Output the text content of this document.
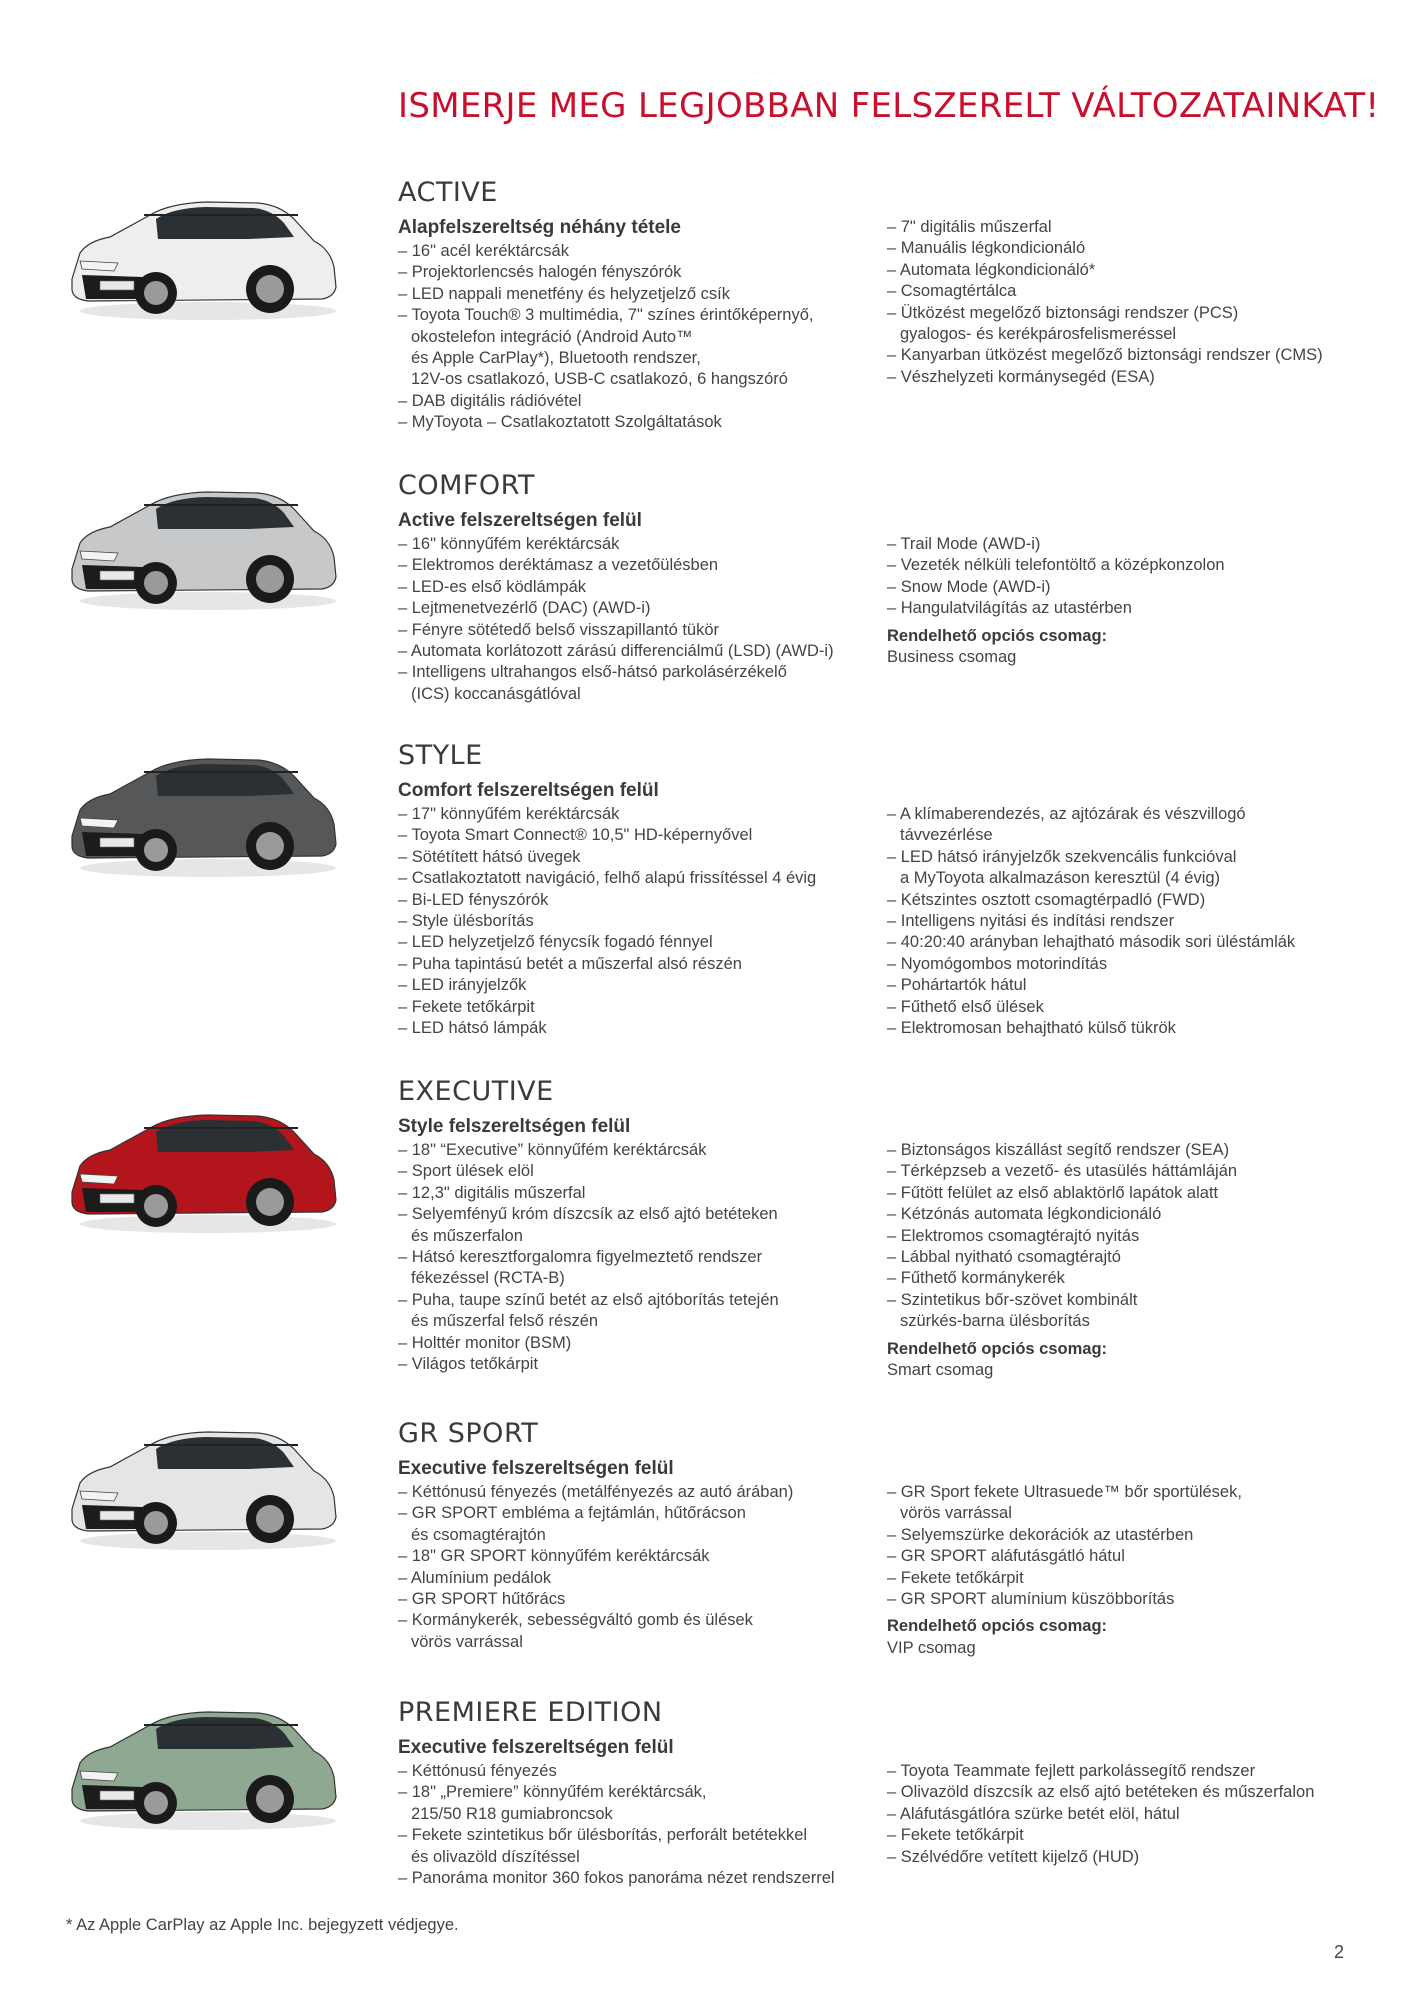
ISMERJE MEG LEGJOBBAN FELSZERELT VÁLTOZATAINKAT!
ACTIVE
Alapfelszereltség néhány tétele
– 16" acél keréktárcsák
– Projektorlencsés halogén fényszórók
– LED nappali menetfény és helyzetjelző csík
– Toyota Touch® 3 multimédia, 7" színes érintőképernyő,
okostelefon integráció (Android Auto™
és Apple CarPlay*), Bluetooth rendszer,
12V-os csatlakozó, USB-C csatlakozó, 6 hangszóró
– DAB digitális rádióvétel
– MyToyota – Csatlakoztatott Szolgáltatások
– 7" digitális műszerfal
– Manuális légkondicionáló
– Automata légkondicionáló*
– Csomagtértálca
– Ütközést megelőző biztonsági rendszer (PCS)
gyalogos- és kerékpárosfelismeréssel
– Kanyarban ütközést megelőző biztonsági rendszer (CMS)
– Vészhelyzeti kormánysegéd (ESA)
COMFORT
Active felszereltségen felül
– 16" könnyűfém keréktárcsák
– Elektromos deréktámasz a vezetőülésben
– LED-es első ködlámpák
– Lejtmenetvezérlő (DAC) (AWD-i)
– Fényre sötétedő belső visszapillantó tükör
– Automata korlátozott zárású differenciálmű (LSD) (AWD-i)
– Intelligens ultrahangos első-hátsó parkolásérzékelő
(ICS) koccanásgátlóval
– Trail Mode (AWD-i)
– Vezeték nélküli telefontöltő a középkonzolon
– Snow Mode (AWD-i)
– Hangulatvilágítás az utastérben
Rendelhető opciós csomag:
Business csomag
STYLE
Comfort felszereltségen felül
– 17" könnyűfém keréktárcsák
– Toyota Smart Connect® 10,5" HD-képernyővel
– Sötétített hátsó üvegek
– Csatlakoztatott navigáció, felhő alapú frissítéssel 4 évig
– Bi-LED fényszórók
– Style ülésborítás
– LED helyzetjelző fénycsík fogadó fénnyel
– Puha tapintású betét a műszerfal alsó részén
– LED irányjelzők
– Fekete tetőkárpit
– LED hátsó lámpák
– A klímaberendezés, az ajtózárak és vészvillogó
távvezérlése
– LED hátsó irányjelzők szekvencális funkcióval
a MyToyota alkalmazáson keresztül (4 évig)
– Kétszintes osztott csomagtérpadló (FWD)
– Intelligens nyitási és indítási rendszer
– 40:20:40 arányban lehajtható második sori üléstámlák
– Nyomógombos motorindítás
– Pohártartók hátul
– Fűthető első ülések
– Elektromosan behajtható külső tükrök
EXECUTIVE
Style felszereltségen felül
– 18" “Executive” könnyűfém keréktárcsák
– Sport ülések elöl
– 12,3" digitális műszerfal
– Selyemfényű króm díszcsík az első ajtó betéteken
és műszerfalon
– Hátsó keresztforgalomra figyelmeztető rendszer
fékezéssel (RCTA-B)
– Puha, taupe színű betét az első ajtóborítás tetején
és műszerfal felső részén
– Holttér monitor (BSM)
– Világos tetőkárpit
– Biztonságos kiszállást segítő rendszer (SEA)
– Térképzseb a vezető- és utasülés háttámláján
– Fűtött felület az első ablaktörlő lapátok alatt
– Kétzónás automata légkondicionáló
– Elektromos csomagtérajtó nyitás
– Lábbal nyitható csomagtérajtó
– Fűthető kormánykerék
– Szintetikus bőr-szövet kombinált
szürkés-barna ülésborítás
Rendelhető opciós csomag:
Smart csomag
GR SPORT
Executive felszereltségen felül
– Kéttónusú fényezés (metálfényezés az autó árában)
– GR SPORT embléma a fejtámlán, hűtőrácson
és csomagtérajtón
– 18" GR SPORT könnyűfém keréktárcsák
– Alumínium pedálok
– GR SPORT hűtőrács
– Kormánykerék, sebességváltó gomb és ülések
vörös varrással
– GR Sport fekete Ultrasuede™ bőr sportülések,
vörös varrással
– Selyemszürke dekorációk az utastérben
– GR SPORT aláfutásgátló hátul
– Fekete tetőkárpit
– GR SPORT alumínium küszöbborítás
Rendelhető opciós csomag:
VIP csomag
PREMIERE EDITION
Executive felszereltségen felül
– Kéttónusú fényezés
– 18" „Premiere” könnyűfém keréktárcsák,
215/50 R18 gumiabroncsok
– Fekete szintetikus bőr ülésborítás, perforált betétekkel
és olivazöld díszítéssel
– Panoráma monitor 360 fokos panoráma nézet rendszerrel
– Toyota Teammate fejlett parkolássegítő rendszer
– Olivazöld díszcsík az első ajtó betéteken és műszerfalon
– Aláfutásgátlóra szürke betét elöl, hátul
– Fekete tetőkárpit
– Szélvédőre vetített kijelző (HUD)
* Az Apple CarPlay az Apple Inc. bejegyzett védjegye.
2
